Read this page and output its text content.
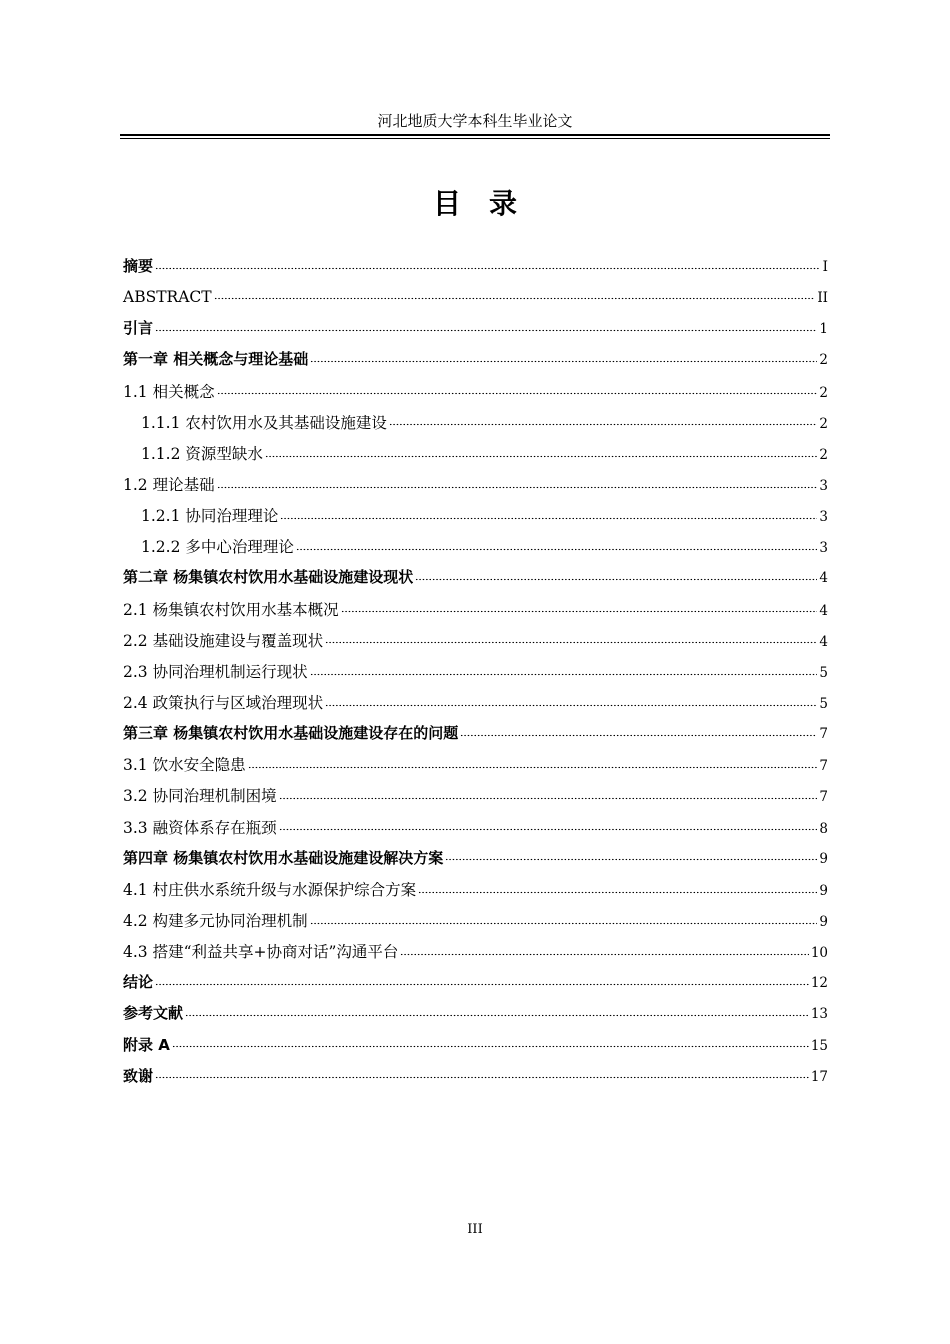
河北地质大学本科生毕业论文
目录
摘要	I
ABSTRACT	II
引言	1
第一章 相关概念与理论基础	2
1.1 相关概念	2
1.1.1 农村饮用水及其基础设施建设	2
1.1.2 资源型缺水	2
1.2 理论基础	3
1.2.1 协同治理理论	3
1.2.2 多中心治理理论	3
第二章 杨集镇农村饮用水基础设施建设现状	4
2.1 杨集镇农村饮用水基本概况	4
2.2 基础设施建设与覆盖现状	4
2.3 协同治理机制运行现状	5
2.4 政策执行与区域治理现状	5
第三章 杨集镇农村饮用水基础设施建设存在的问题	7
3.1 饮水安全隐患	7
3.2 协同治理机制困境	7
3.3 融资体系存在瓶颈	8
第四章 杨集镇农村饮用水基础设施建设解决方案	9
4.1 村庄供水系统升级与水源保护综合方案	9
4.2 构建多元协同治理机制	9
4.3 搭建“利益共享+协商对话”沟通平台	10
结论	12
参考文献	13
附录 A	15
致谢	17
III
